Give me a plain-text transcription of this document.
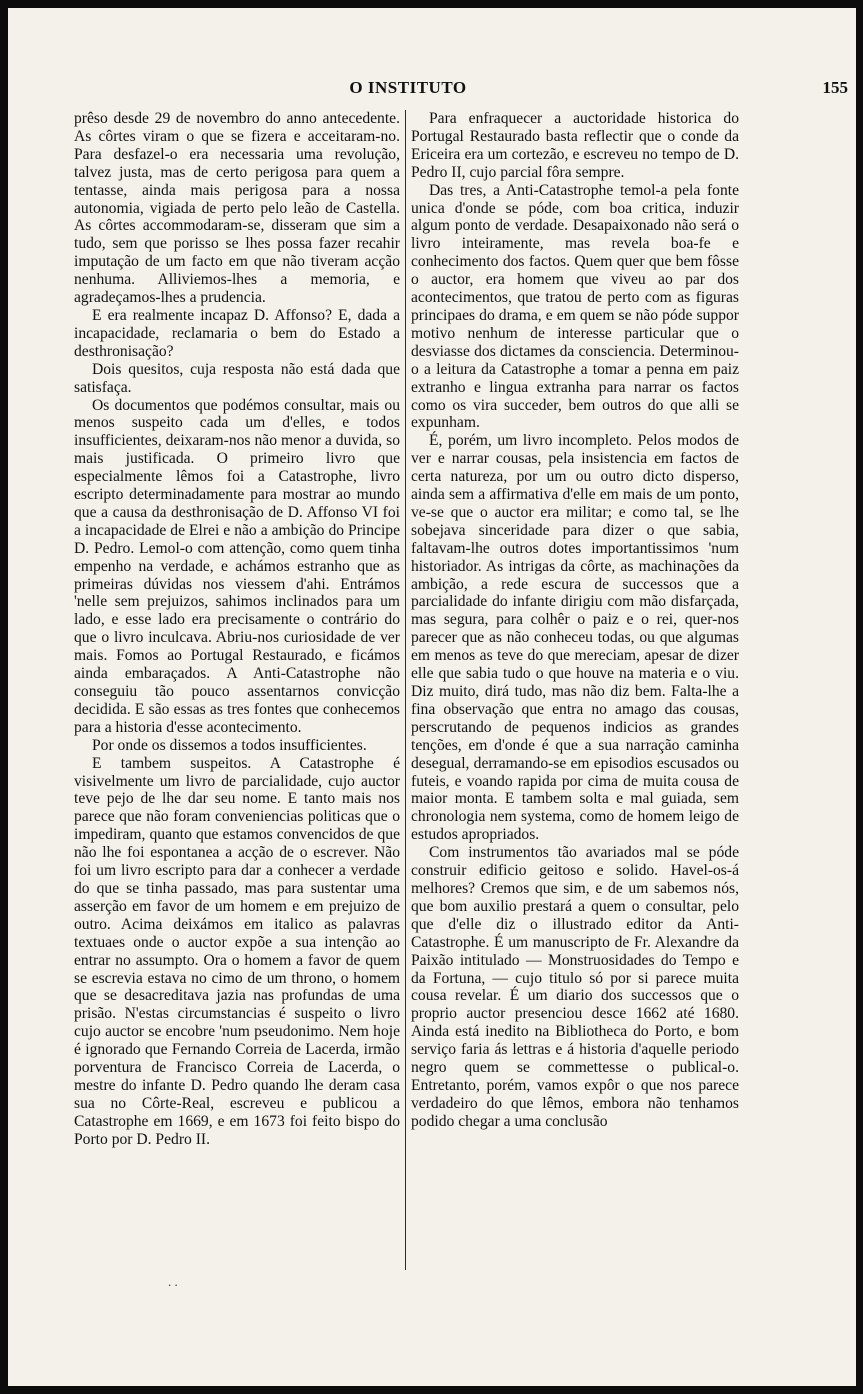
O INSTITUTO	155

prêso desde 29 de novembro do anno antecedente. As côrtes viram o que se fizera e acceitaram-no. Para desfazel-o era necessaria uma revolução, talvez justa, mas de certo perigosa para quem a tentasse, ainda mais perigosa para a nossa autonomia, vigiada de perto pelo leão de Castella. As côrtes accommodaram-se, disseram que sim a tudo, sem que porisso se lhes possa fazer recahir imputação de um facto em que não tiveram acção nenhuma. Alliviemos-lhes a memoria, e agradeçamos-lhes a prudencia.

E era realmente incapaz D. Affonso? E, dada a incapacidade, reclamaria o bem do Estado a desthronisação?

Dois quesitos, cuja resposta não está dada que satisfaça.

Os documentos que podémos consultar, mais ou menos suspeito cada um d'elles, e todos insufficientes, deixaram-nos não menor a duvida, so mais justificada. O primeiro livro que especialmente lêmos foi a Catastrophe, livro escripto determinadamente para mostrar ao mundo que a causa da desthronisação de D. Affonso VI foi a incapacidade de Elrei e não a ambição do Principe D. Pedro. Lemol-o com attenção, como quem tinha empenho na verdade, e achámos estranho que as primeiras dúvidas nos viessem d'ahi. Entrámos 'nelle sem prejuizos, sahimos inclinados para um lado, e esse lado era precisamente o contrário do que o livro inculcava. Abriu-nos curiosidade de ver mais. Fomos ao Portugal Restaurado, e ficámos ainda embaraçados. A Anti-Catastrophe não conseguiu tão pouco assentarnos convicção decidida. E são essas as tres fontes que conhecemos para a historia d'esse acontecimento.

Por onde os dissemos a todos insufficientes.

E tambem suspeitos. A Catastrophe é visivelmente um livro de parcialidade, cujo auctor teve pejo de lhe dar seu nome. E tanto mais nos parece que não foram conveniencias politicas que o impediram, quanto que estamos convencidos de que não lhe foi espontanea a acção de o escrever. Não foi um livro escripto para dar a conhecer a verdade do que se tinha passado, mas para sustentar uma asserção em favor de um homem e em prejuizo de outro. Acima deixámos em italico as palavras textuaes onde o auctor expõe a sua intenção ao entrar no assumpto. Ora o homem a favor de quem se escrevia estava no cimo de um throno, o homem que se desacreditava jazia nas profundas de uma prisão. N'estas circumstancias é suspeito o livro cujo auctor se encobre 'num pseudonimo. Nem hoje é ignorado que Fernando Correia de Lacerda, irmão porventura de Francisco Correia de Lacerda, o mestre do infante D. Pedro quando lhe deram casa sua no Côrte-Real, escreveu e publicou a Catastrophe em 1669, e em 1673 foi feito bispo do Porto por D. Pedro II.

Para enfraquecer a auctoridade historica do Portugal Restaurado basta reflectir que o conde da Ericeira era um cortezão, e escreveu no tempo de D. Pedro II, cujo parcial fôra sempre.

Das tres, a Anti-Catastrophe temol-a pela fonte unica d'onde se póde, com boa critica, induzir algum ponto de verdade. Desapaixonado não será o livro inteiramente, mas revela boa-fe e conhecimento dos factos. Quem quer que bem fôsse o auctor, era homem que viveu ao par dos acontecimentos, que tratou de perto com as figuras principaes do drama, e em quem se não póde suppor motivo nenhum de interesse particular que o desviasse dos dictames da consciencia. Determinou-o a leitura da Catastrophe a tomar a penna em paiz extranho e lingua extranha para narrar os factos como os vira succeder, bem outros do que alli se expunham.

É, porém, um livro incompleto. Pelos modos de ver e narrar cousas, pela insistencia em factos de certa natureza, por um ou outro dicto disperso, ainda sem a affirmativa d'elle em mais de um ponto, ve-se que o auctor era militar; e como tal, se lhe sobejava sinceridade para dizer o que sabia, faltavam-lhe outros dotes importantissimos 'num historiador. As intrigas da côrte, as machinações da ambição, a rede escura de successos que a parcialidade do infante dirigiu com mão disfarçada, mas segura, para colhêr o paiz e o rei, quer-nos parecer que as não conheceu todas, ou que algumas em menos as teve do que mereciam, apesar de dizer elle que sabia tudo o que houve na materia e o viu. Diz muito, dirá tudo, mas não diz bem. Falta-lhe a fina observação que entra no amago das cousas, perscrutando de pequenos indicios as grandes tenções, em d'onde é que a sua narração caminha desegual, derramando-se em episodios escusados ou futeis, e voando rapida por cima de muita cousa de maior monta. E tambem solta e mal guiada, sem chronologia nem systema, como de homem leigo de estudos apropriados.

Com instrumentos tão avariados mal se póde construir edificio geitoso e solido. Havel-os-á melhores? Cremos que sim, e de um sabemos nós, que bom auxilio prestará a quem o consultar, pelo que d'elle diz o illustrado editor da Anti-Catastrophe. É um manuscripto de Fr. Alexandre da Paixão intitulado — Monstruosidades do Tempo e da Fortuna, — cujo titulo só por si parece muita cousa revelar. É um diario dos successos que o proprio auctor presenciou desce 1662 até 1680. Ainda está inedito na Bibliotheca do Porto, e bom serviço faria ás lettras e á historia d'aquelle periodo negro quem se commettesse o publical-o. Entretanto, porém, vamos expôr o que nos parece verdadeiro do que lêmos, embora não tenhamos podido chegar a uma conclusão

. .
